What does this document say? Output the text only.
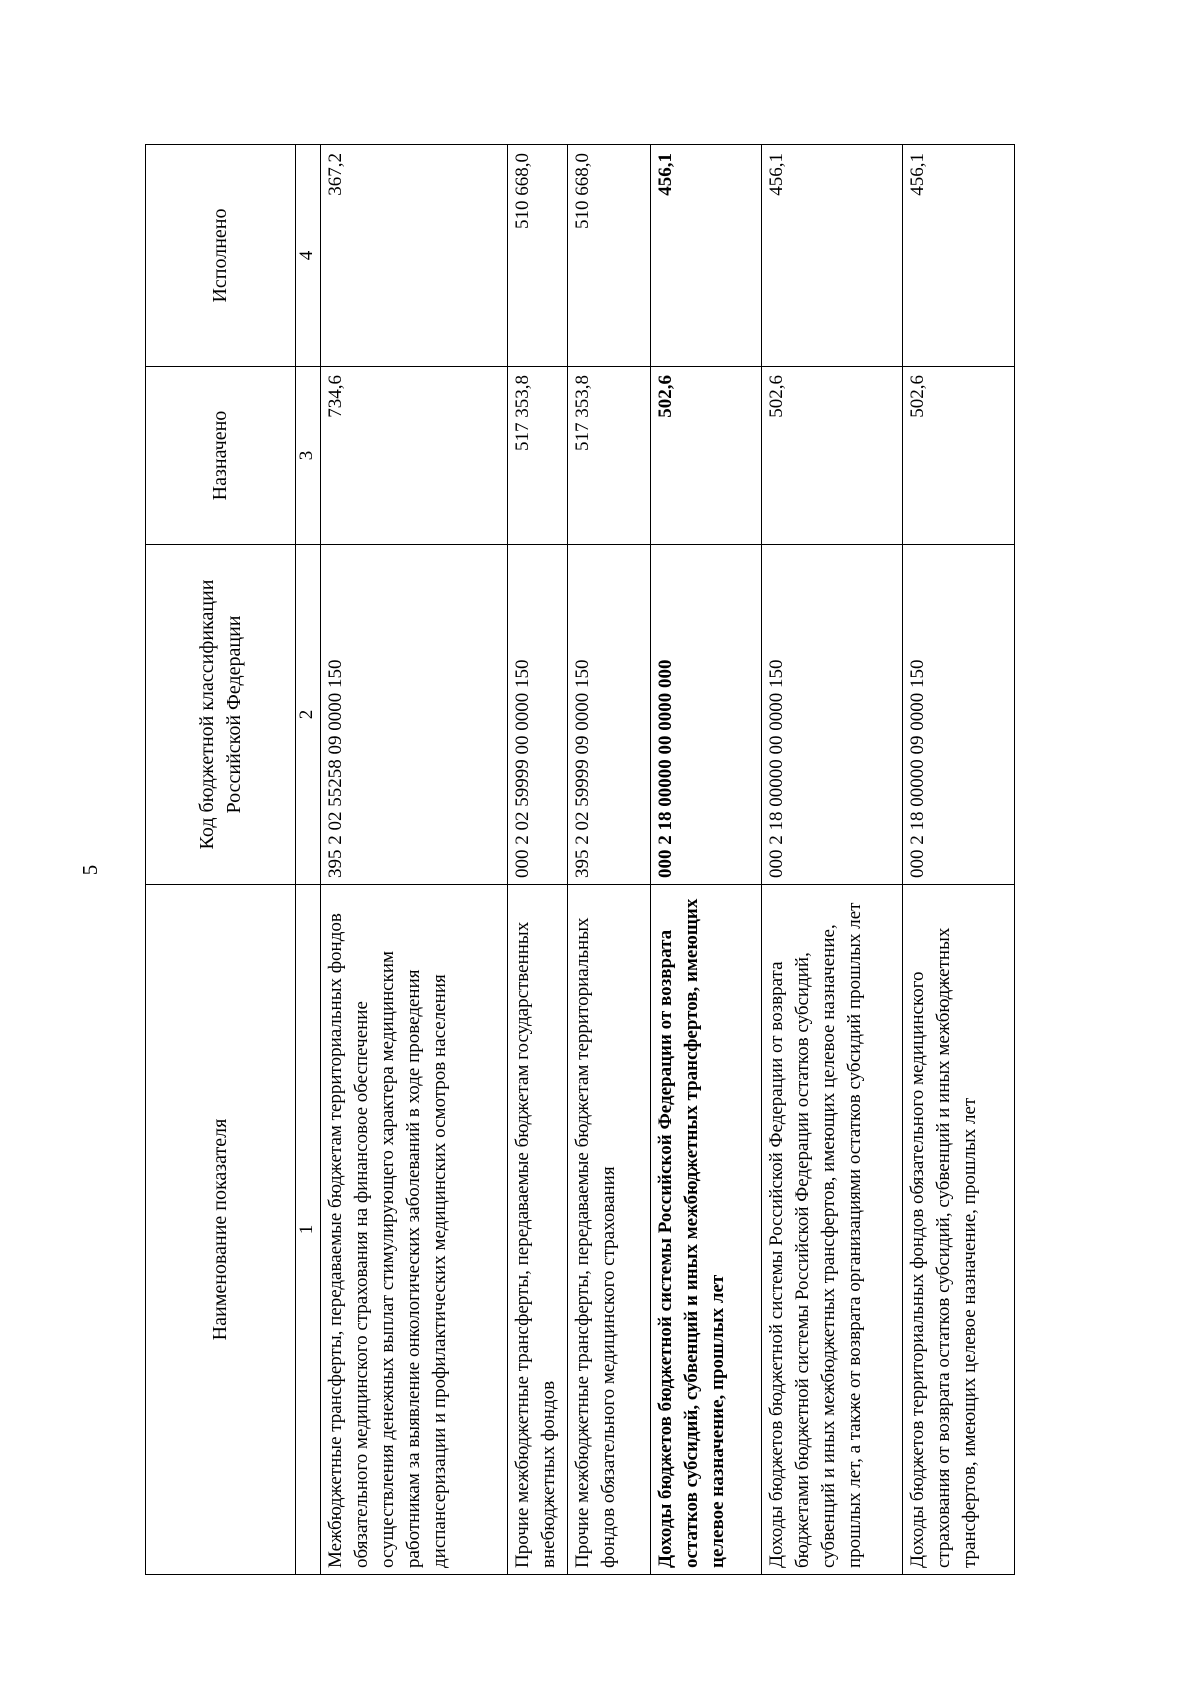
5
Наименование показателя	Код бюджетной классификации Российской Федерации	Назначено	Исполнено
1	2	3	4
Межбюджетные трансферты, передаваемые бюджетам территориальных фондов обязательного медицинского страхования на финансовое обеспечение осуществления денежных выплат стимулирующего характера медицинским работникам за выявление онкологических заболеваний в ходе проведения диспансеризации и профилактических медицинских осмотров населения	395 2 02 55258 09 0000 150	734,6	367,2
Прочие межбюджетные трансферты, передаваемые бюджетам государственных внебюджетных фондов	000 2 02 59999 00 0000 150	517 353,8	510 668,0
Прочие межбюджетные трансферты, передаваемые бюджетам территориальных фондов обязательного медицинского страхования	395 2 02 59999 09 0000 150	517 353,8	510 668,0
Доходы бюджетов бюджетной системы Российской Федерации от возврата остатков субсидий, субвенций и иных межбюджетных трансфертов, имеющих целевое назначение, прошлых лет	000 2 18 00000 00 0000 000	502,6	456,1
Доходы бюджетов бюджетной системы Российской Федерации от возврата бюджетами бюджетной системы Российской Федерации остатков субсидий, субвенций и иных межбюджетных трансфертов, имеющих целевое назначение, прошлых лет, а также от возврата организациями остатков субсидий прошлых лет	000 2 18 00000 00 0000 150	502,6	456,1
Доходы бюджетов территориальных фондов обязательного медицинского страхования от возврата остатков субсидий, субвенций и иных межбюджетных трансфертов, имеющих целевое назначение, прошлых лет	000 2 18 00000 09 0000 150	502,6	456,1
